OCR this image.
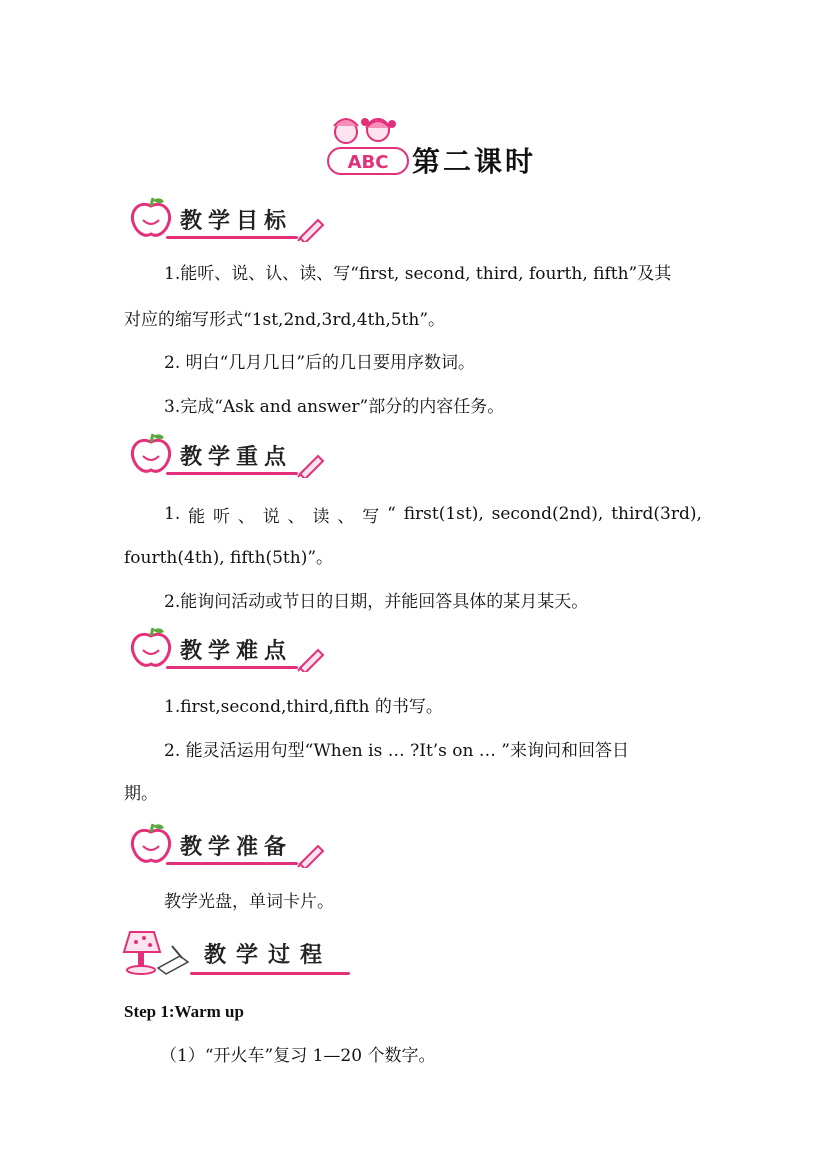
ABC 第二课时
教学目标
1.能听、说、认、读、写“first, second, third, fourth, fifth”及其
对应的缩写形式“1st,2nd,3rd,4th,5th”。
2. 明白“几月几日”后的几日要用序数词。
3.完成“Ask and answer”部分的内容任务。
教学重点
1. 能 听 、 说 、 读 、 写 “ first(1st), second(2nd), third(3rd),
fourth(4th), fifth(5th)”。
2.能询问活动或节日的日期，并能回答具体的某月某天。
教学难点
1.first,second,third,fifth 的书写。
2. 能灵活运用句型“When is … ?It’s on … ”来询问和回答日
期。
教学准备
教学光盘，单词卡片。
教学过程
Step 1:Warm up
（1）“开火车”复习 1—20 个数字。
